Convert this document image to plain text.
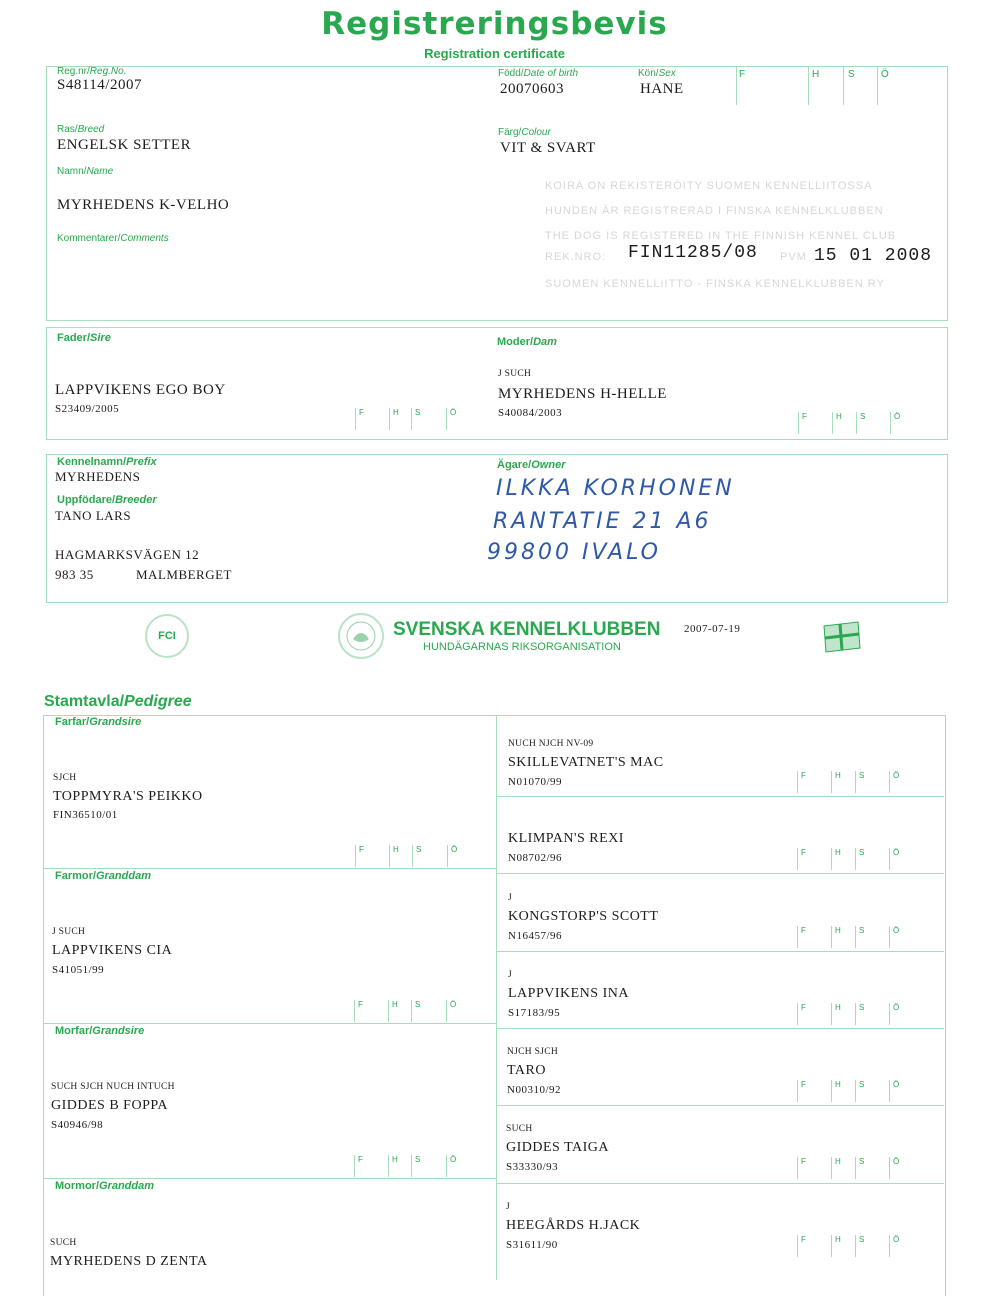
Registreringsbevis
Registration certificate
Reg.nr/Reg.No.
S48114/2007
Född/Date of birth
20070603
Kön/Sex
HANE
F	H	S	Ö
Ras/Breed
ENGELSK SETTER
Färg/Colour
VIT & SVART
Namn/Name
MYRHEDENS K-VELHO
Kommentarer/Comments
KOIRA ON REKISTERÖITY SUOMEN KENNELLIITOSSA
HUNDEN ÄR REGISTRERAD I FINSKA KENNELKLUBBEN
THE DOG IS REGISTERED IN THE FINNISH KENNEL CLUB
REK.NRO: FIN11285/08 PVM 15 01 2008
SUOMEN KENNELLIITTO - FINSKA KENNELKLUBBEN RY
Fader/Sire
LAPPVIKENS EGO BOY
S23409/2005	F	H	S	Ö
Moder/Dam
J SUCH
MYRHEDENS H-HELLE
S40084/2003	F	H	S	Ö
Kennelnamn/Prefix
MYRHEDENS
Uppfödare/Breeder
TANO LARS
HAGMARKSVÄGEN 12
983 35	MALMBERGET
Ägare/Owner
ILKKA KORHONEN
RANTATIE 21 A6
99800 IVALO
FCI	SVENSKA KENNELKLUBBEN
HUNDÄGARNAS RIKSORGANISATION
2007-07-19
Stamtavla/Pedigree
Farfar/Grandsire
SJCH
TOPPMYRA'S PEIKKO
FIN36510/01
F	H	S	Ö
Farmor/Granddam
J SUCH
LAPPVIKENS CIA
S41051/99
F	H	S	Ö
Morfar/Grandsire
SUCH SJCH NUCH INTUCH
GIDDES B FOPPA
S40946/98
F	H	S	Ö
Mormor/Granddam
SUCH
MYRHEDENS D ZENTA
NUCH NJCH NV-09
SKILLEVATNET'S MAC
N01070/99
F	H	S	Ö
KLIMPAN'S REXI
N08702/96	F	H	S	Ö
J
KONGSTORP'S SCOTT
N16457/96	F	H	S	Ö
J
LAPPVIKENS INA
S17183/95	F	H	S	Ö
NJCH SJCH
TARO
N00310/92	F	H	S	Ö
SUCH
GIDDES TAIGA
S33330/93	F	H	S	Ö
J
HEEGÅRDS H.JACK
S31611/90	F	H	S	Ö
